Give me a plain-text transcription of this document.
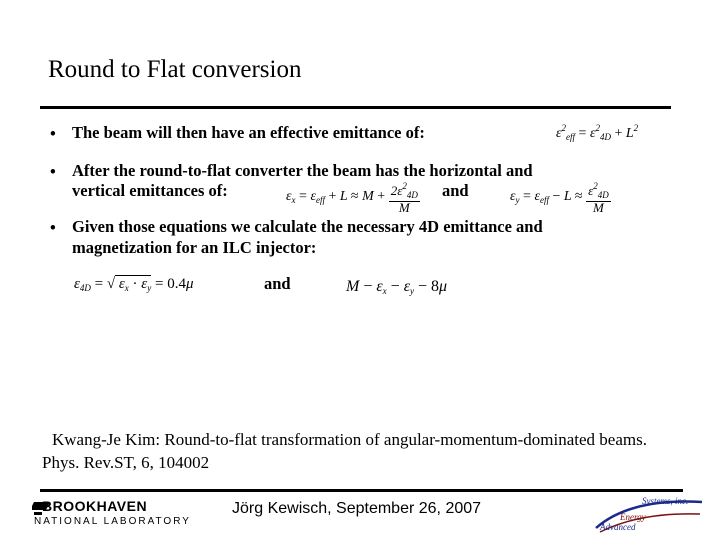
Round to Flat conversion
• The beam will then have an effective emittance of:	$\varepsilon^2_{eff} = \varepsilon^2_{4D} + L^2$
• After the round-to-flat converter the beam has the horizontal and
vertical emittances of:	$\varepsilon_x = \varepsilon_{eff} + L \approx M + \frac{2\varepsilon^2_{4D}}{M}$ and	$\varepsilon_y = \varepsilon_{eff} - L \approx \frac{\varepsilon^2_{4D}}{M}$
• Given those equations we calculate the necessary 4D emittance and
magnetization for an ILC injector:
$\varepsilon_{4D}$ = √ $\varepsilon_x \cdot \varepsilon_y = 0.4\mu$	and	$M - \varepsilon_x - \varepsilon_y - 8\mu$
Kwang-Je Kim: Round-to-flat transformation of angular-momentum-dominated beams.
Phys. Rev.ST, 6, 104002
BROOKHAVEN
NATIONAL LABORATORY
Jörg Kewisch, September 26, 2007	Systems, inc.
Energy
Advanced
